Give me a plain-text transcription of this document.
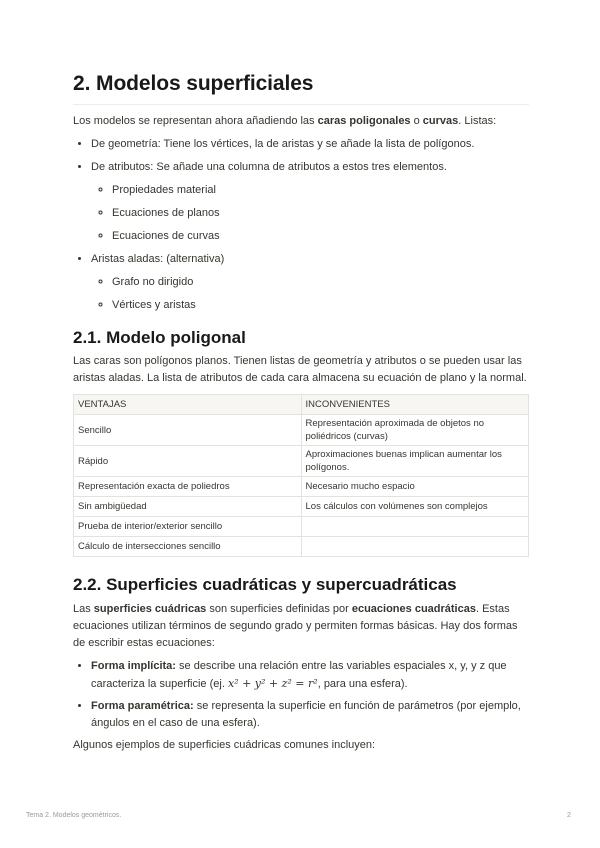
2. Modelos superficiales

Los modelos se representan ahora añadiendo las caras poligonales o curvas. Listas:

• De geometría: Tiene los vértices, la de aristas y se añade la lista de polígonos.
• De atributos: Se añade una columna de atributos a estos tres elementos.
◦ Propiedades material
◦ Ecuaciones de planos
◦ Ecuaciones de curvas
• Aristas aladas: (alternativa)
◦ Grafo no dirigido
◦ Vértices y aristas
2.1. Modelo poligonal

Las caras son polígonos planos. Tienen listas de geometría y atributos o se pueden usar las aristas aladas. La lista de atributos de cada cara almacena su ecuación de plano y la normal.

VENTAJAS	INCONVENIENTES
Sencillo	Representación aproximada de objetos no poliédricos (curvas)
Rápido	Aproximaciones buenas implican aumentar los polígonos.
Representación exacta de poliedros	Necesario mucho espacio
Sin ambigüedad	Los cálculos con volúmenes son complejos
Prueba de interior/exterior sencillo	
Cálculo de intersecciones sencillo	
2.2. Superficies cuadráticas y supercuadráticas

Las superficies cuádricas son superficies definidas por ecuaciones cuadráticas. Estas ecuaciones utilizan términos de segundo grado y permiten formas básicas. Hay dos formas de escribir estas ecuaciones:

• Forma implícita: se describe una relación entre las variables espaciales x, y, y z que caracteriza la superficie (ej. x² + y² + z² = r², para una esfera).
• Forma paramétrica: se representa la superficie en función de parámetros (por ejemplo, ángulos en el caso de una esfera).

Algunos ejemplos de superficies cuádricas comunes incluyen:

Tema 2. Modelos geométricos.	2
